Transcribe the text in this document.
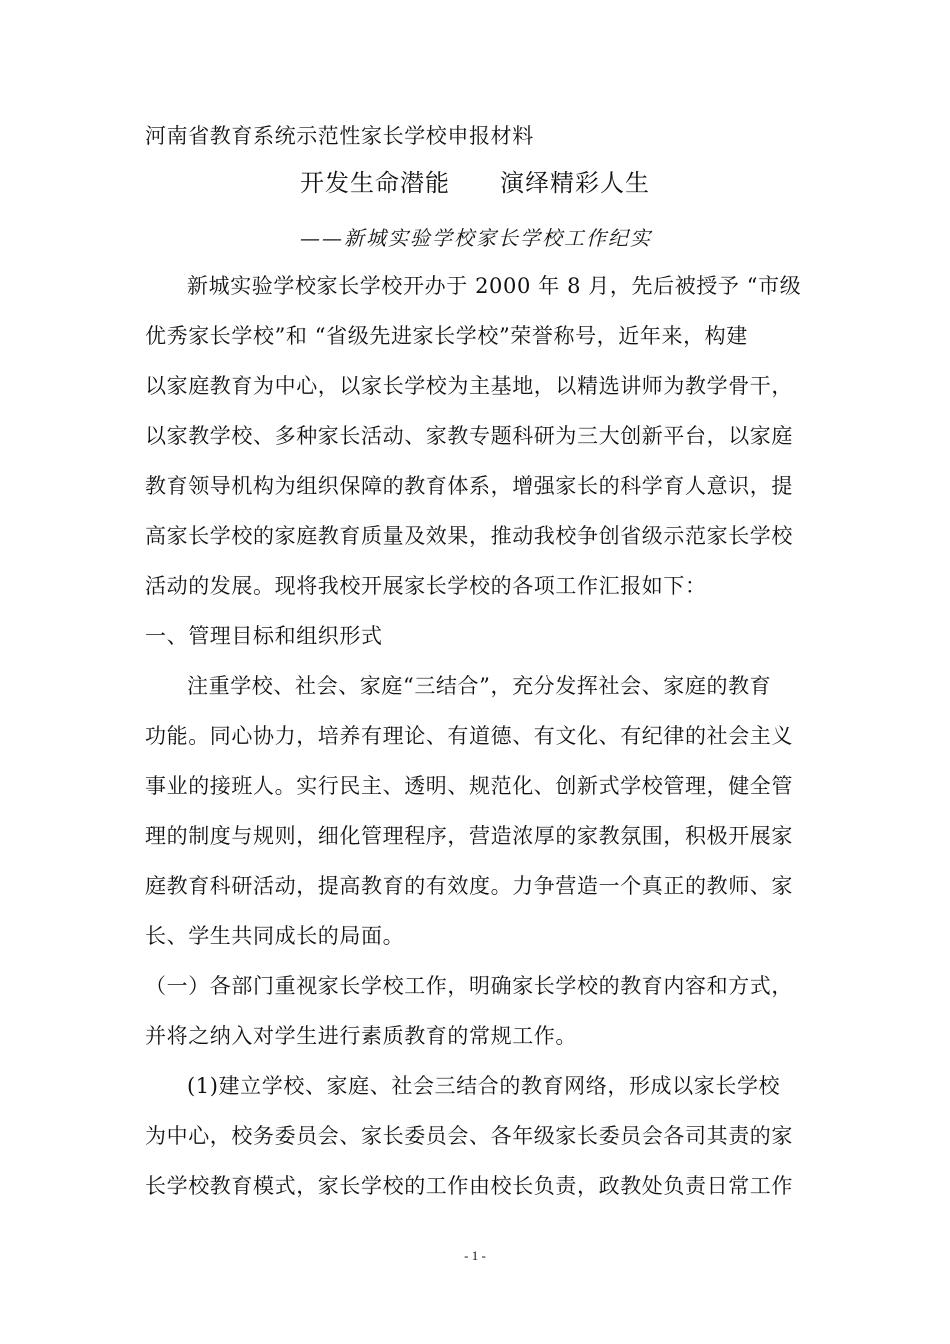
河南省教育系统示范性家长学校申报材料
开发生命潜能　　演绎精彩人生
——新城实验学校家长学校工作纪实
新城实验学校家长学校开办于 2000 年 8 月，先后被授予 “市级
优秀家长学校”和 “省级先进家长学校”荣誉称号，近年来，构建
以家庭教育为中心，以家长学校为主基地，以精选讲师为教学骨干，
以家教学校、多种家长活动、家教专题科研为三大创新平台，以家庭
教育领导机构为组织保障的教育体系，增强家长的科学育人意识，提
高家长学校的家庭教育质量及效果，推动我校争创省级示范家长学校
活动的发展。现将我校开展家长学校的各项工作汇报如下：
一、管理目标和组织形式
注重学校、社会、家庭“三结合”，充分发挥社会、家庭的教育
功能。同心协力，培养有理论、有道德、有文化、有纪律的社会主义
事业的接班人。实行民主、透明、规范化、创新式学校管理，健全管
理的制度与规则，细化管理程序，营造浓厚的家教氛围，积极开展家
庭教育科研活动，提高教育的有效度。力争营造一个真正的教师、家
长、学生共同成长的局面。
（一）各部门重视家长学校工作，明确家长学校的教育内容和方式，
并将之纳入对学生进行素质教育的常规工作。
(1)建立学校、家庭、社会三结合的教育网络，形成以家长学校
为中心，校务委员会、家长委员会、各年级家长委员会各司其责的家
长学校教育模式，家长学校的工作由校长负责，政教处负责日常工作
- 1 -
